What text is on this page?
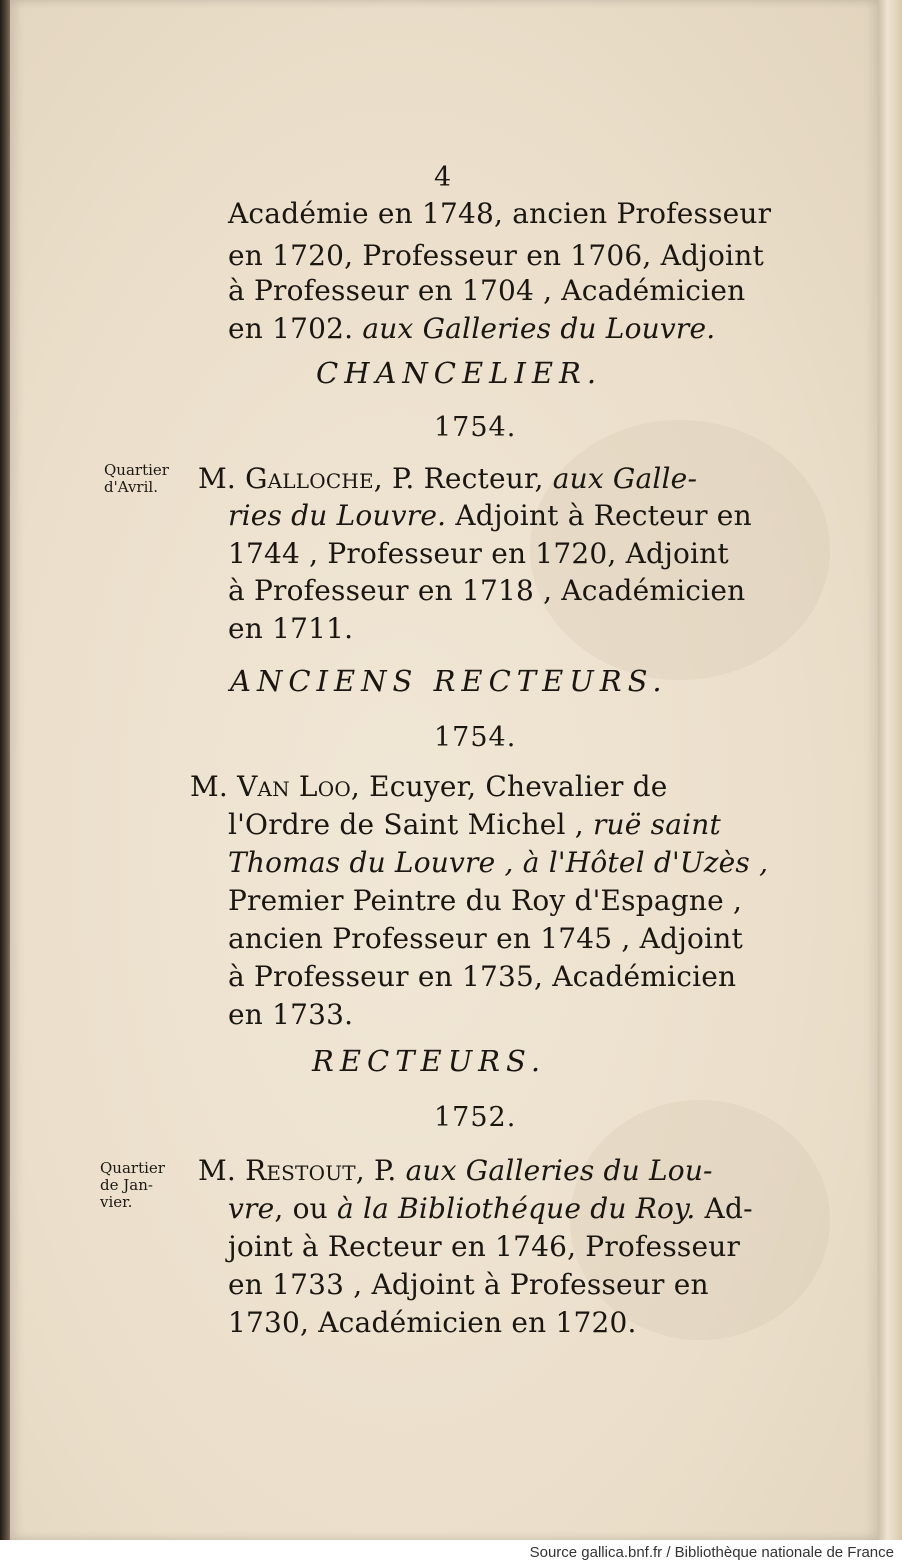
4
Académie en 1748, ancien Professeur
en 1720, Professeur en 1706, Adjoint
à Professeur en 1704 , Académicien
en 1702. aux Galleries du Louvre.
CHANCELIER.
1754.
Quartier
d'Avril.	M. Galloche, P. Recteur, aux Galle-
ries du Louvre. Adjoint à Recteur en
1744 , Professeur en 1720, Adjoint
à Professeur en 1718 , Académicien
en 1711.
ANCIENS RECTEURS.
1754.
M. Van Loo, Ecuyer, Chevalier de
l'Ordre de Saint Michel , ruë saint
Thomas du Louvre , à l'Hôtel d'Uzès ,
Premier Peintre du Roy d'Espagne ,
ancien Professeur en 1745 , Adjoint
à Professeur en 1735, Académicien
en 1733.
RECTEURS.
1752.
Quartier
de Jan-
vier.
M. Restout, P. aux Galleries du Lou-
vre, ou à la Bibliothéque du Roy. Ad-
joint à Recteur en 1746, Professeur
en 1733 , Adjoint à Professeur en
1730, Académicien en 1720.
Source gallica.bnf.fr / Bibliothèque nationale de France
